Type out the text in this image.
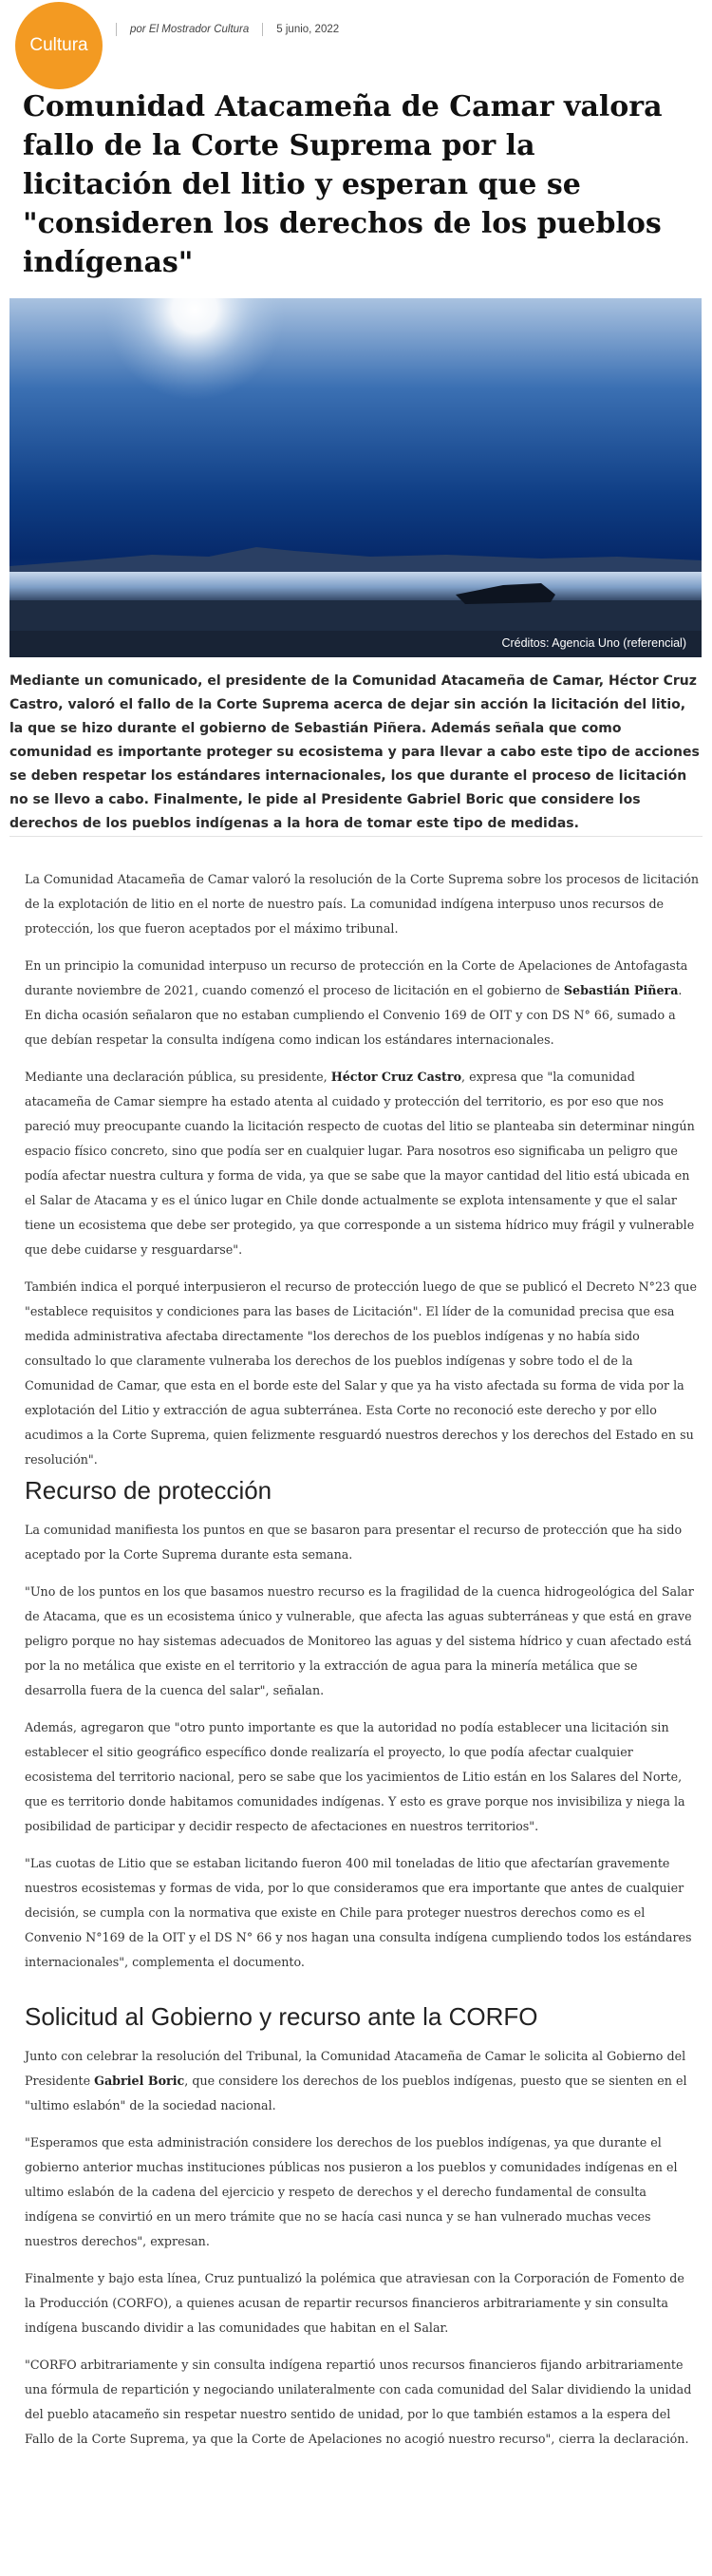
Cultura
por El Mostrador Cultura	5 junio, 2022
Comunidad Atacameña de Camar valora fallo de la Corte Suprema por la licitación del litio y esperan que se "consideren los derechos de los pueblos indígenas"
Créditos: Agencia Uno (referencial)

Mediante un comunicado, el presidente de la Comunidad Atacameña de Camar, Héctor Cruz Castro, valoró el fallo de la Corte Suprema acerca de dejar sin acción la licitación del litio, la que se hizo durante el gobierno de Sebastián Piñera. Además señala que como comunidad es importante proteger su ecosistema y para llevar a cabo este tipo de acciones se deben respetar los estándares internacionales, los que durante el proceso de licitación no se llevo a cabo. Finalmente, le pide al Presidente Gabriel Boric que considere los derechos de los pueblos indígenas a la hora de tomar este tipo de medidas.

La Comunidad Atacameña de Camar valoró la resolución de la Corte Suprema sobre los procesos de licitación de la explotación de litio en el norte de nuestro país. La comunidad indígena interpuso unos recursos de protección, los que fueron aceptados por el máximo tribunal.

En un principio la comunidad interpuso un recurso de protección en la Corte de Apelaciones de Antofagasta durante noviembre de 2021, cuando comenzó el proceso de licitación en el gobierno de Sebastián Piñera. En dicha ocasión señalaron que no estaban cumpliendo el Convenio 169 de OIT y con DS N° 66, sumado a que debían respetar la consulta indígena como indican los estándares internacionales.

Mediante una declaración pública, su presidente, Héctor Cruz Castro, expresa que "la comunidad atacameña de Camar siempre ha estado atenta al cuidado y protección del territorio, es por eso que nos pareció muy preocupante cuando la licitación respecto de cuotas del litio se planteaba sin determinar ningún espacio físico concreto, sino que podía ser en cualquier lugar. Para nosotros eso significaba un peligro que podía afectar nuestra cultura y forma de vida, ya que se sabe que la mayor cantidad del litio está ubicada en el Salar de Atacama y es el único lugar en Chile donde actualmente se explota intensamente y que el salar tiene un ecosistema que debe ser protegido, ya que corresponde a un sistema hídrico muy frágil y vulnerable que debe cuidarse y resguardarse".

También indica el porqué interpusieron el recurso de protección luego de que se publicó el Decreto N°23 que "establece requisitos y condiciones para las bases de Licitación". El líder de la comunidad precisa que esa medida administrativa afectaba directamente "los derechos de los pueblos indígenas y no había sido consultado lo que claramente vulneraba los derechos de los pueblos indígenas y sobre todo el de la Comunidad de Camar, que esta en el borde este del Salar y que ya ha visto afectada su forma de vida por la explotación del Litio y extracción de agua subterránea. Esta Corte no reconoció este derecho y por ello acudimos a la Corte Suprema, quien felizmente resguardó nuestros derechos y los derechos del Estado en su resolución".

Recurso de protección

La comunidad manifiesta los puntos en que se basaron para presentar el recurso de protección que ha sido aceptado por la Corte Suprema durante esta semana.

"Uno de los puntos en los que basamos nuestro recurso es la fragilidad de la cuenca hidrogeológica del Salar de Atacama, que es un ecosistema único y vulnerable, que afecta las aguas subterráneas y que está en grave peligro porque no hay sistemas adecuados de Monitoreo las aguas y del sistema hídrico y cuan afectado está por la no metálica que existe en el territorio y la extracción de agua para la minería metálica que se desarrolla fuera de la cuenca del salar", señalan.

Además, agregaron que "otro punto importante es que la autoridad no podía establecer una licitación sin establecer el sitio geográfico específico donde realizaría el proyecto, lo que podía afectar cualquier ecosistema del territorio nacional, pero se sabe que los yacimientos de Litio están en los Salares del Norte, que es territorio donde habitamos comunidades indígenas. Y esto es grave porque nos invisibiliza y niega la posibilidad de participar y decidir respecto de afectaciones en nuestros territorios".

"Las cuotas de Litio que se estaban licitando fueron 400 mil toneladas de litio que afectarían gravemente nuestros ecosistemas y formas de vida, por lo que consideramos que era importante que antes de cualquier decisión, se cumpla con la normativa que existe en Chile para proteger nuestros derechos como es el Convenio N°169 de la OIT y el DS N° 66 y nos hagan una consulta indígena cumpliendo todos los estándares internacionales", complementa el documento.

Solicitud al Gobierno y recurso ante la CORFO

Junto con celebrar la resolución del Tribunal, la Comunidad Atacameña de Camar le solicita al Gobierno del Presidente Gabriel Boric, que considere los derechos de los pueblos indígenas, puesto que se sienten en el "ultimo eslabón" de la sociedad nacional.

"Esperamos que esta administración considere los derechos de los pueblos indígenas, ya que durante el gobierno anterior muchas instituciones públicas nos pusieron a los pueblos y comunidades indígenas en el ultimo eslabón de la cadena del ejercicio y respeto de derechos y el derecho fundamental de consulta indígena se convirtió en un mero trámite que no se hacía casi nunca y se han vulnerado muchas veces nuestros derechos", expresan.

Finalmente y bajo esta línea, Cruz puntualizó la polémica que atraviesan con la Corporación de Fomento de la Producción (CORFO), a quienes acusan de repartir recursos financieros arbitrariamente y sin consulta indígena buscando dividir a las comunidades que habitan en el Salar.

"CORFO arbitrariamente y sin consulta indígena repartió unos recursos financieros fijando arbitrariamente una fórmula de repartición y negociando unilateralmente con cada comunidad del Salar dividiendo la unidad del pueblo atacameño sin respetar nuestro sentido de unidad, por lo que también estamos a la espera del Fallo de la Corte Suprema, ya que la Corte de Apelaciones no acogió nuestro recurso", cierra la declaración.
